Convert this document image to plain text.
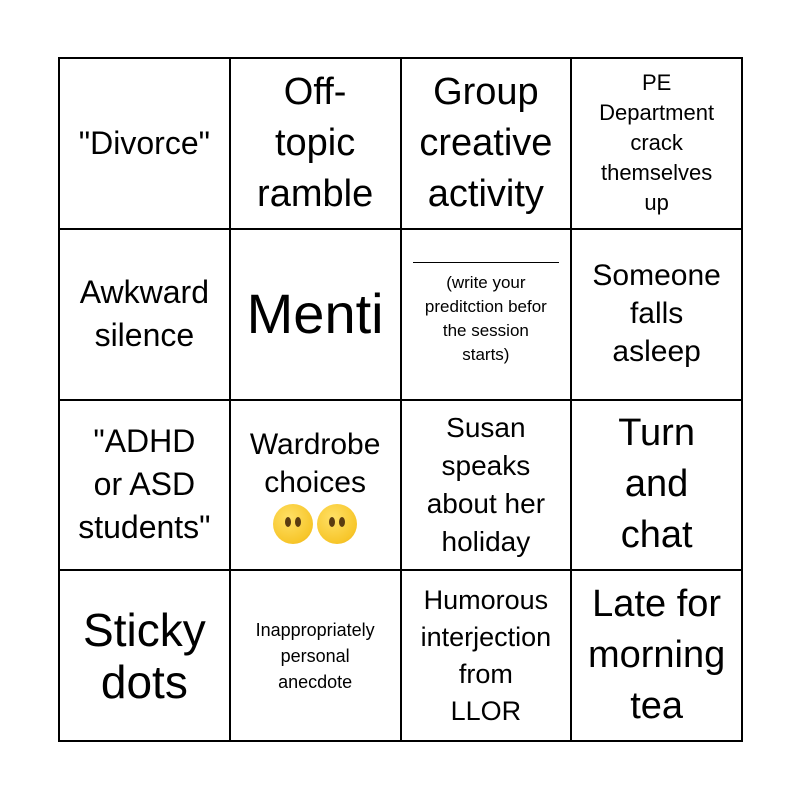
"Divorce"
Off-
topic
ramble
Group
creative
activity
PE
Department
crack
themselves
up
Awkward
silence Menti	(write your
preditction befor
the session
starts)
Someone
falls
asleep
"ADHD
or ASD
students"
Wardrobe
choices
Susan
speaks
about her
holiday
Turn
and
chat
Sticky
dots
Inappropriately
personal
anecdote
Humorous
interjection
from
LLOR
Late for
morning
tea
